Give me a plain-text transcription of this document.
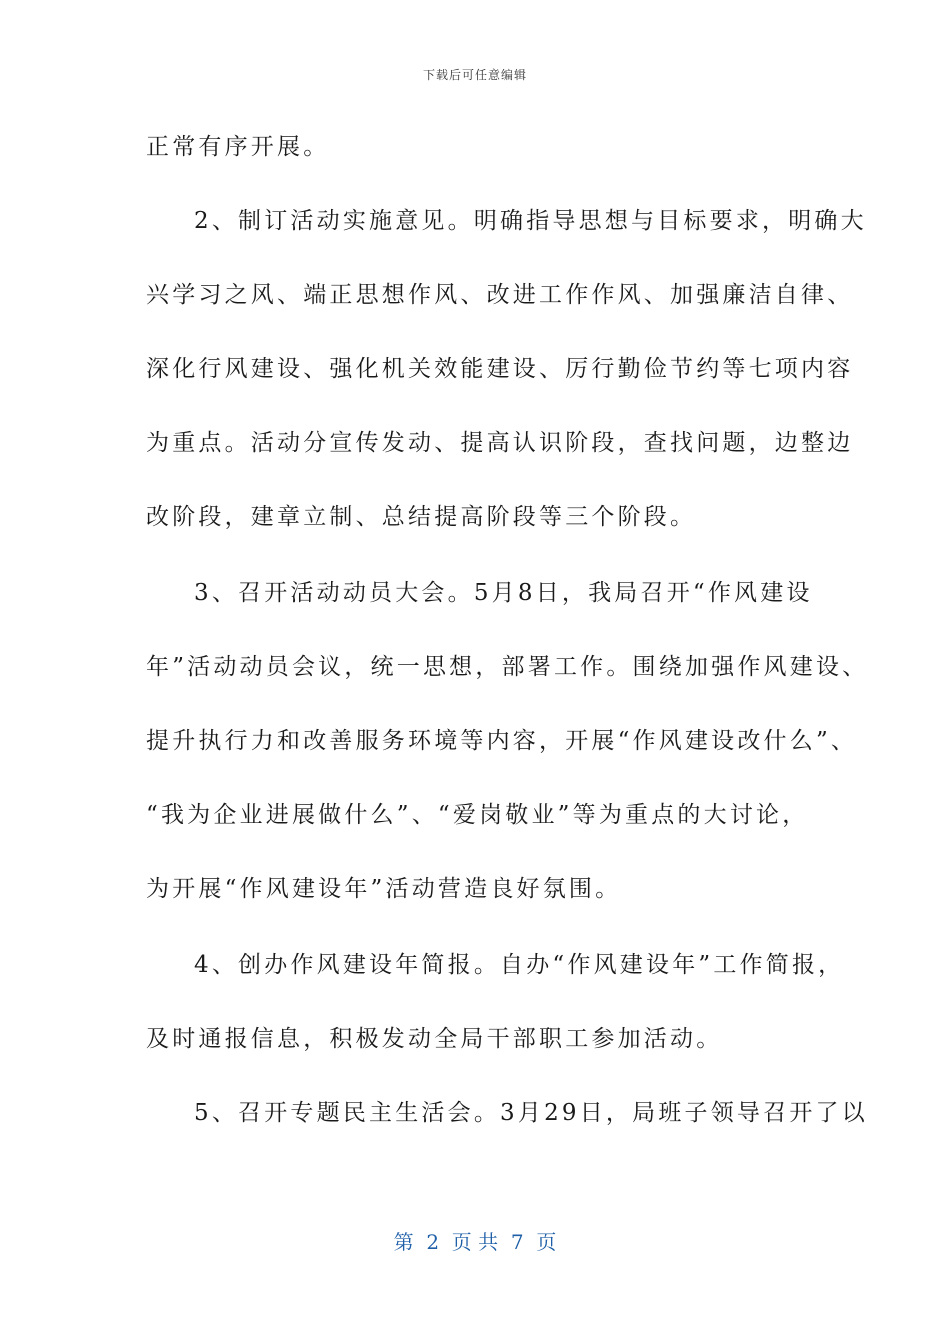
下载后可任意编辑
正常有序开展。
2、制订活动实施意见。明确指导思想与目标要求，明确大
兴学习之风、端正思想作风、改进工作作风、加强廉洁自律、
深化行风建设、强化机关效能建设、厉行勤俭节约等七项内容
为重点。活动分宣传发动、提高认识阶段，查找问题，边整边
改阶段，建章立制、总结提高阶段等三个阶段。
3、召开活动动员大会。5月8日，我局召开“作风建设
年”活动动员会议，统一思想，部署工作。围绕加强作风建设、
提升执行力和改善服务环境等内容，开展“作风建设改什么”、
“我为企业进展做什么”、“爱岗敬业”等为重点的大讨论，
为开展“作风建设年”活动营造良好氛围。
4、创办作风建设年简报。自办“作风建设年”工作简报，
及时通报信息，积极发动全局干部职工参加活动。
5、召开专题民主生活会。3月29日，局班子领导召开了以
第  2  页 共  7  页
